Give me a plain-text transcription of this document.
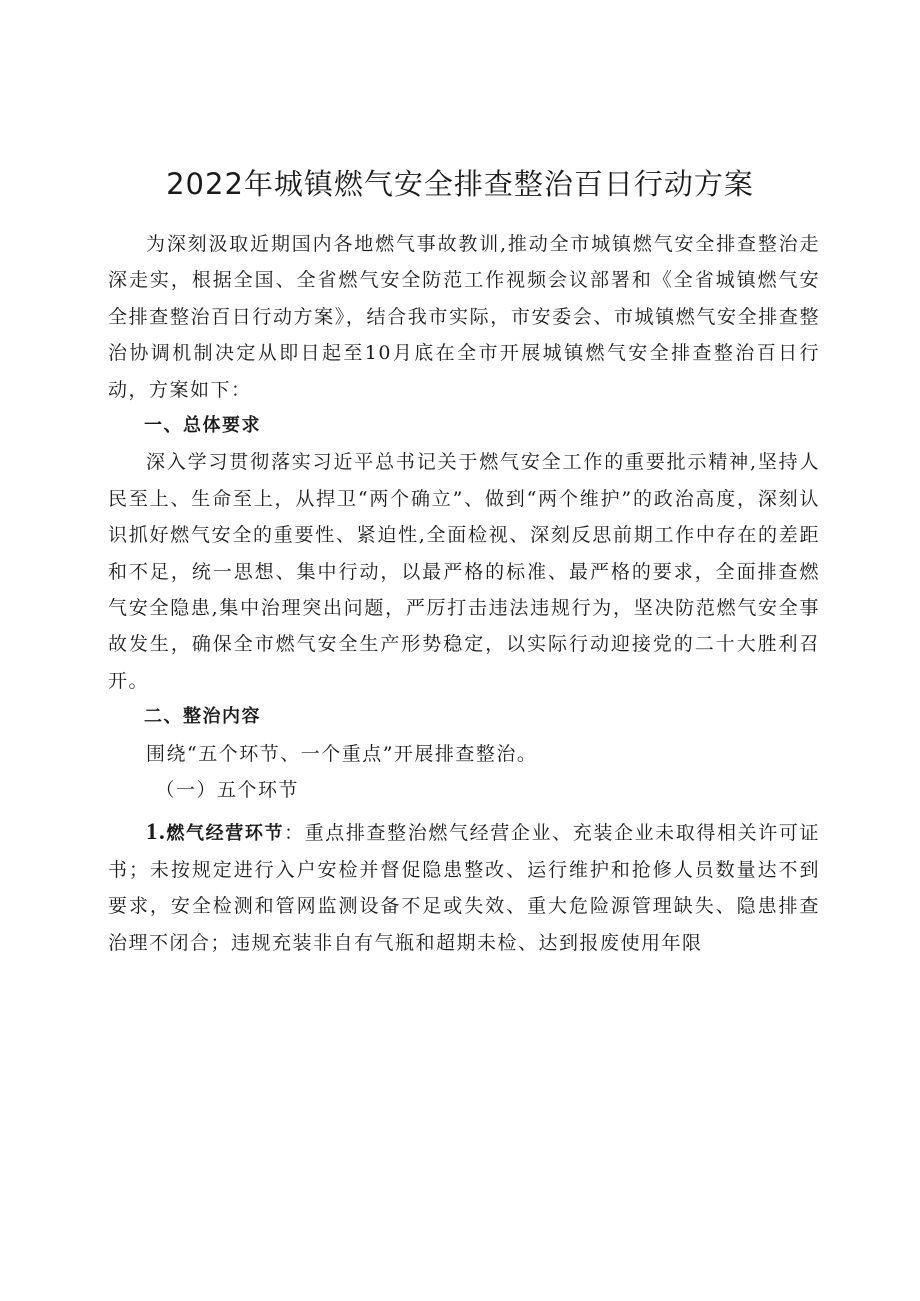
2022年城镇燃气安全排查整治百日行动方案

为深刻汲取近期国内各地燃气事故教训,推动全市城镇燃气安全排查整治走深走实，根据全国、全省燃气安全防范工作视频会议部署和《全省城镇燃气安全排查整治百日行动方案》，结合我市实际，市安委会、市城镇燃气安全排查整治协调机制决定从即日起至10月底在全市开展城镇燃气安全排查整治百日行动，方案如下：

一、总体要求

深入学习贯彻落实习近平总书记关于燃气安全工作的重要批示精神,坚持人民至上、生命至上，从捍卫“两个确立”、做到“两个维护”的政治高度，深刻认识抓好燃气安全的重要性、紧迫性,全面检视、深刻反思前期工作中存在的差距和不足，统一思想、集中行动，以最严格的标准、最严格的要求，全面排查燃气安全隐患,集中治理突出问题，严厉打击违法违规行为，坚决防范燃气安全事故发生，确保全市燃气安全生产形势稳定，以实际行动迎接党的二十大胜利召开。

二、整治内容

围绕“五个环节、一个重点”开展排查整治。

（一）五个环节

1.燃气经营环节：重点排查整治燃气经营企业、充装企业未取得相关许可证书；未按规定进行入户安检并督促隐患整改、运行维护和抢修人员数量达不到要求，安全检测和管网监测设备不足或失效、重大危险源管理缺失、隐患排查治理不闭合；违规充装非自有气瓶和超期未检、达到报废使用年限
